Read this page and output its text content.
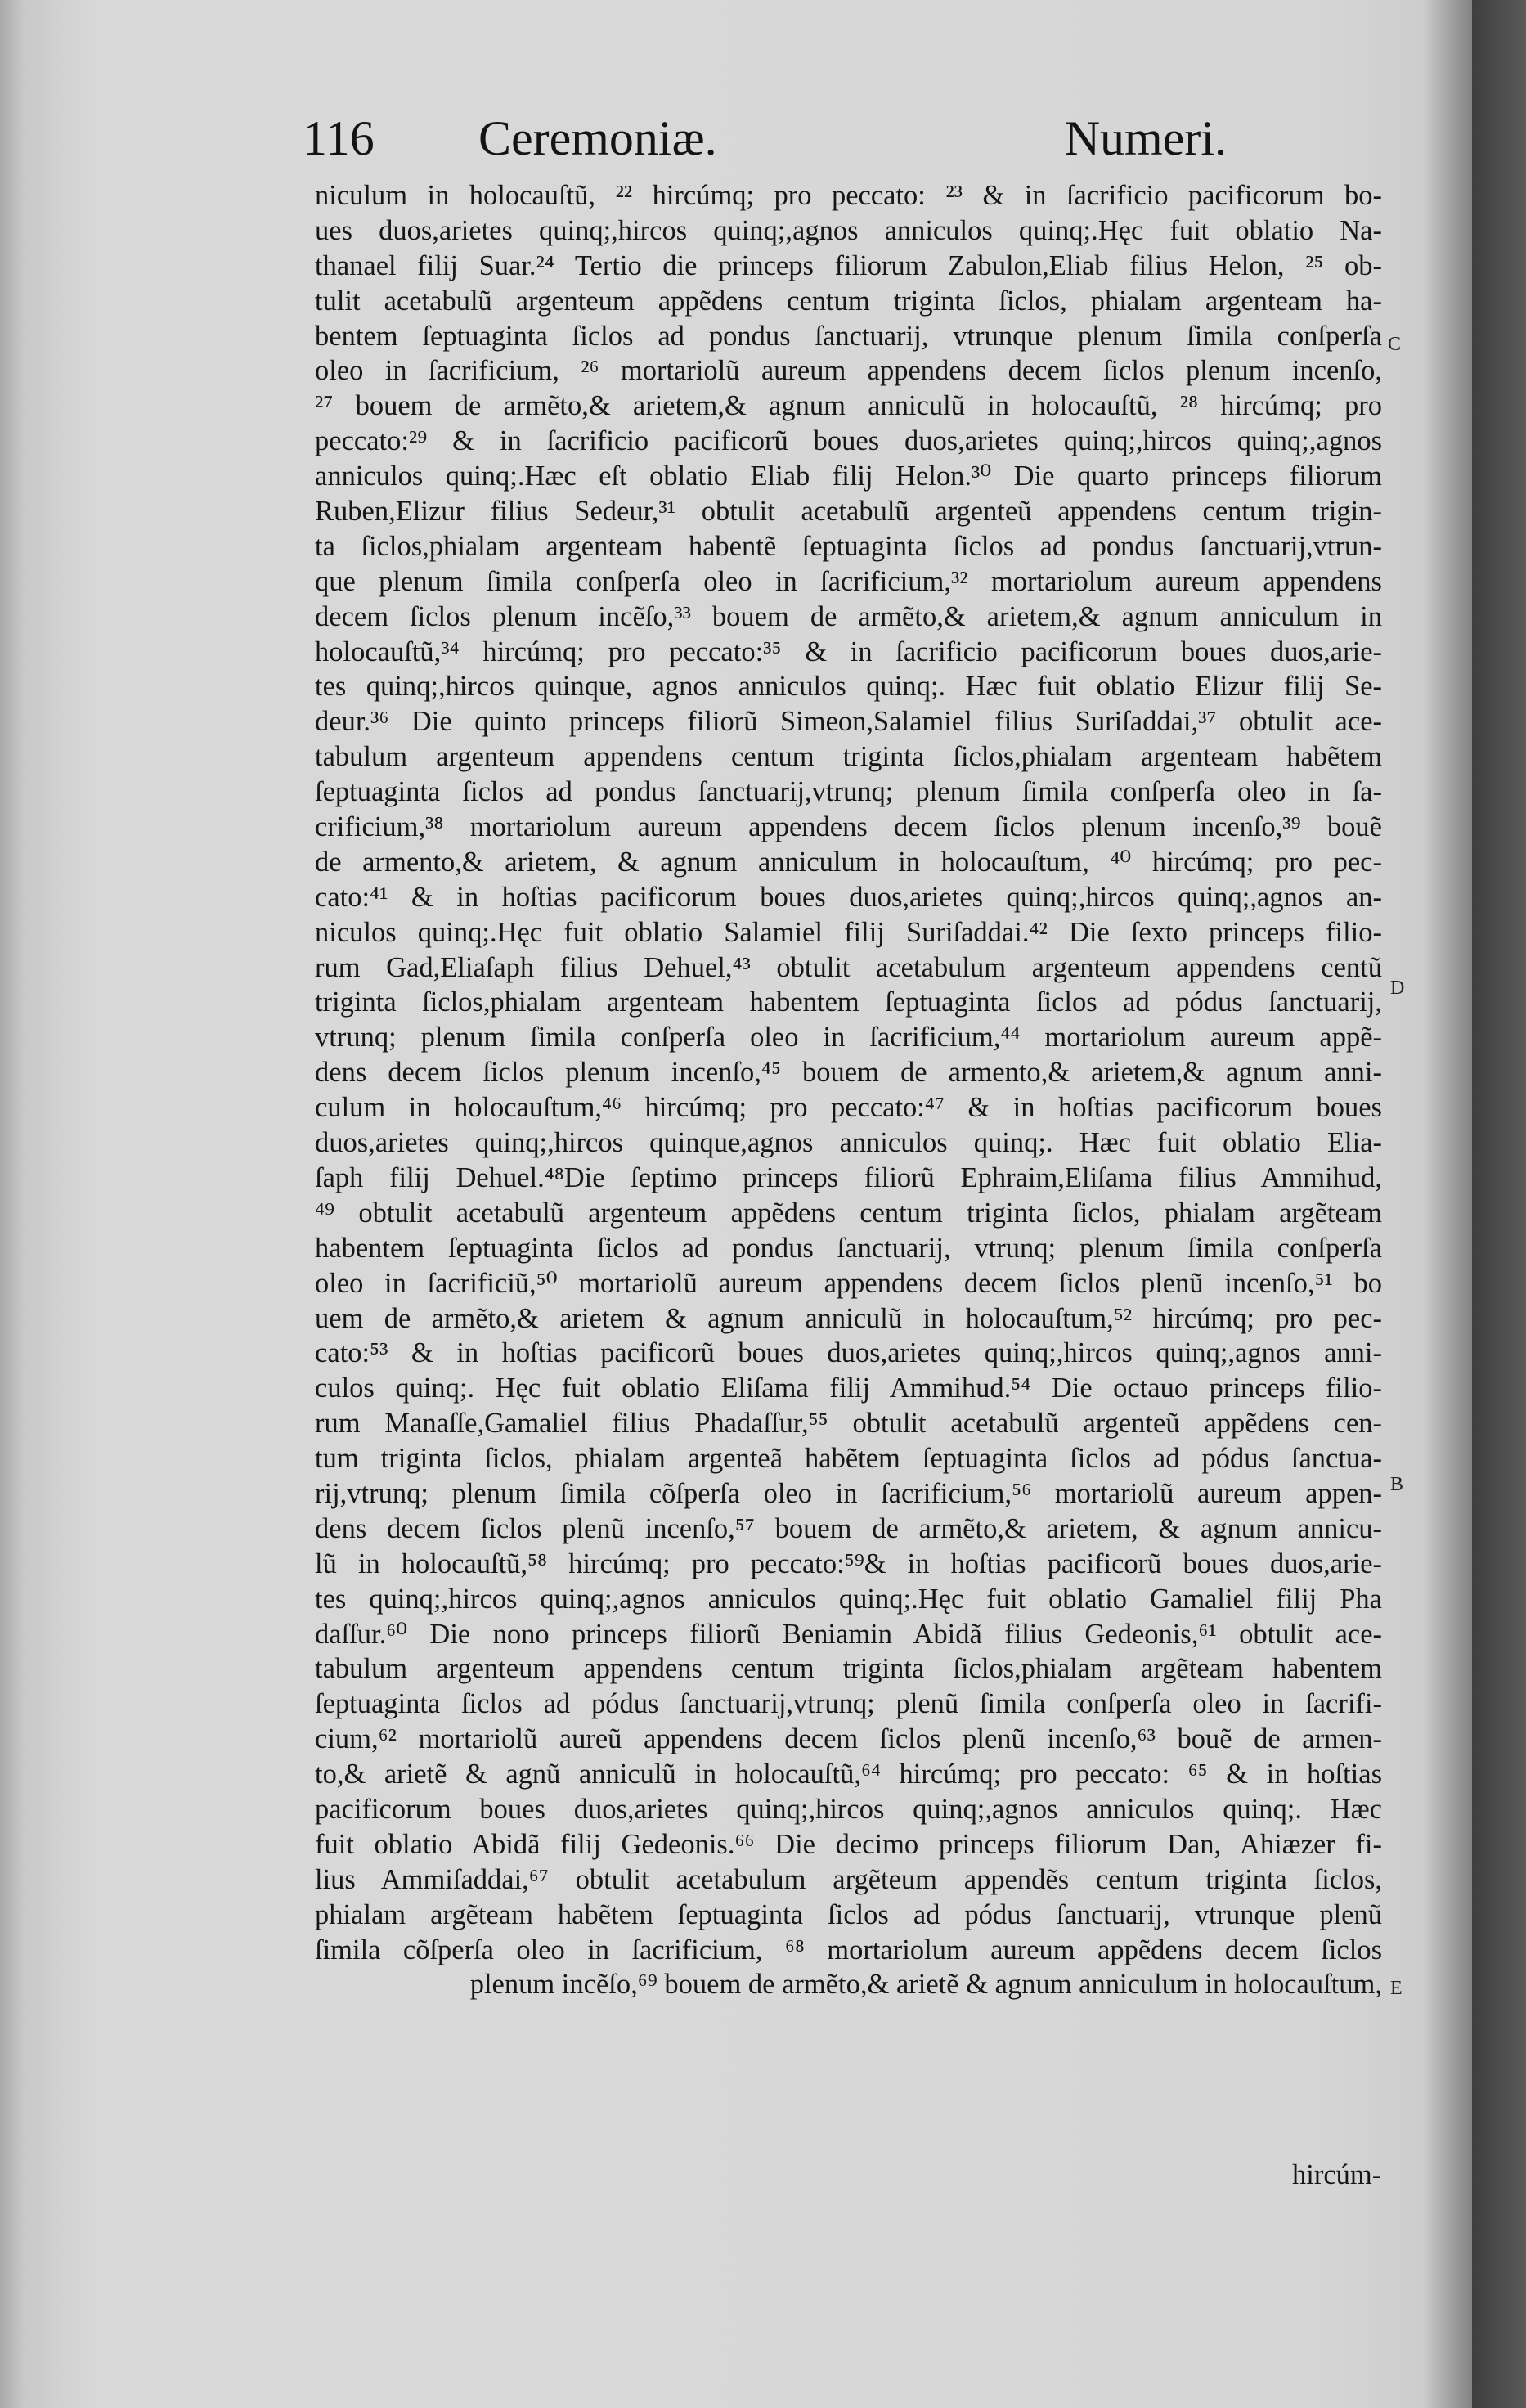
116 Ceremoniæ.	Numeri.
niculum in holocauſtũ, ²² hircúmq; pro peccato: ²³ & in ſacrificio pacificorum bo-
ues duos,arietes quinq;,hircos quinq;,agnos anniculos quinq;.Hęc fuit oblatio Na-
thanael filij Suar.²⁴ Tertio die princeps filiorum Zabulon,Eliab filius Helon, ²⁵ ob-
tulit acetabulũ argenteum appẽdens centum triginta ſiclos, phialam argenteam ha-
bentem ſeptuaginta ſiclos ad pondus ſanctuarij, vtrunque plenum ſimila conſperſa
oleo in ſacrificium, ²⁶ mortariolũ aureum appendens decem ſiclos plenum incenſo,
²⁷ bouem de armẽto,& arietem,& agnum anniculũ in holocauſtũ, ²⁸ hircúmq; pro
peccato:²⁹ & in ſacrificio pacificorũ boues duos,arietes quinq;,hircos quinq;,agnos
anniculos quinq;.Hæc eſt oblatio Eliab filij Helon.³⁰ Die quarto princeps filiorum
Ruben,Elizur filius Sedeur,³¹ obtulit acetabulũ argenteũ appendens centum trigin-
ta ſiclos,phialam argenteam habentẽ ſeptuaginta ſiclos ad pondus ſanctuarij,vtrun-
que plenum ſimila conſperſa oleo in ſacrificium,³² mortariolum aureum appendens
decem ſiclos plenum incẽſo,³³ bouem de armẽto,& arietem,& agnum anniculum in
holocauſtũ,³⁴ hircúmq; pro peccato:³⁵ & in ſacrificio pacificorum boues duos,arie-
tes quinq;,hircos quinque, agnos anniculos quinq;. Hæc fuit oblatio Elizur filij Se-
deur.³⁶ Die quinto princeps filiorũ Simeon,Salamiel filius Suriſaddai,³⁷ obtulit ace-
tabulum argenteum appendens centum triginta ſiclos,phialam argenteam habẽtem
ſeptuaginta ſiclos ad pondus ſanctuarij,vtrunq; plenum ſimila conſperſa oleo in ſa-
crificium,³⁸ mortariolum aureum appendens decem ſiclos plenum incenſo,³⁹ bouẽ
de armento,& arietem, & agnum anniculum in holocauſtum, ⁴⁰ hircúmq; pro pec-
cato:⁴¹ & in hoſtias pacificorum boues duos,arietes quinq;,hircos quinq;,agnos an-
niculos quinq;.Hęc fuit oblatio Salamiel filij Suriſaddai.⁴² Die ſexto princeps filio-
rum Gad,Eliaſaph filius Dehuel,⁴³ obtulit acetabulum argenteum appendens centũ
triginta ſiclos,phialam argenteam habentem ſeptuaginta ſiclos ad pódus ſanctuarij,
vtrunq; plenum ſimila conſperſa oleo in ſacrificium,⁴⁴ mortariolum aureum appẽ-
dens decem ſiclos plenum incenſo,⁴⁵ bouem de armento,& arietem,& agnum anni-
culum in holocauſtum,⁴⁶ hircúmq; pro peccato:⁴⁷ & in hoſtias pacificorum boues
duos,arietes quinq;,hircos quinque,agnos anniculos quinq;. Hæc fuit oblatio Elia-
ſaph filij Dehuel.⁴⁸Die ſeptimo princeps filiorũ Ephraim,Eliſama filius Ammihud,
⁴⁹ obtulit acetabulũ argenteum appẽdens centum triginta ſiclos, phialam argẽteam
habentem ſeptuaginta ſiclos ad pondus ſanctuarij, vtrunq; plenum ſimila conſperſa
oleo in ſacrificiũ,⁵⁰ mortariolũ aureum appendens decem ſiclos plenũ incenſo,⁵¹ bo
uem de armẽto,& arietem & agnum anniculũ in holocauſtum,⁵² hircúmq; pro pec-
cato:⁵³ & in hoſtias pacificorũ boues duos,arietes quinq;,hircos quinq;,agnos anni-
culos quinq;. Hęc fuit oblatio Eliſama filij Ammihud.⁵⁴ Die octauo princeps filio-
rum Manaſſe,Gamaliel filius Phadaſſur,⁵⁵ obtulit acetabulũ argenteũ appẽdens cen-
tum triginta ſiclos, phialam argenteã habẽtem ſeptuaginta ſiclos ad pódus ſanctua-
rij,vtrunq; plenum ſimila cõſperſa oleo in ſacrificium,⁵⁶ mortariolũ aureum appen-
dens decem ſiclos plenũ incenſo,⁵⁷ bouem de armẽto,& arietem, & agnum annicu-
lũ in holocauſtũ,⁵⁸ hircúmq; pro peccato:⁵⁹& in hoſtias pacificorũ boues duos,arie-
tes quinq;,hircos quinq;,agnos anniculos quinq;.Hęc fuit oblatio Gamaliel filij Pha
daſſur.⁶⁰ Die nono princeps filiorũ Beniamin Abidã filius Gedeonis,⁶¹ obtulit ace-
tabulum argenteum appendens centum triginta ſiclos,phialam argẽteam habentem
ſeptuaginta ſiclos ad pódus ſanctuarij,vtrunq; plenũ ſimila conſperſa oleo in ſacrifi-
cium,⁶² mortariolũ aureũ appendens decem ſiclos plenũ incenſo,⁶³ bouẽ de armen-
to,& arietẽ & agnũ anniculũ in holocauſtũ,⁶⁴ hircúmq; pro peccato: ⁶⁵ & in hoſtias
pacificorum boues duos,arietes quinq;,hircos quinq;,agnos anniculos quinq;. Hæc
fuit oblatio Abidã filij Gedeonis.⁶⁶ Die decimo princeps filiorum Dan, Ahiæzer fi-
lius Ammiſaddai,⁶⁷ obtulit acetabulum argẽteum appendẽs centum triginta ſiclos,
phialam argẽteam habẽtem ſeptuaginta ſiclos ad pódus ſanctuarij, vtrunque plenũ
ſimila cõſperſa oleo in ſacrificium, ⁶⁸ mortariolum aureum appẽdens decem ſiclos
plenum incẽſo,⁶⁹ bouem de armẽto,& arietẽ & agnum anniculum in holocauſtum,
C
D
B
E
hircúm-
